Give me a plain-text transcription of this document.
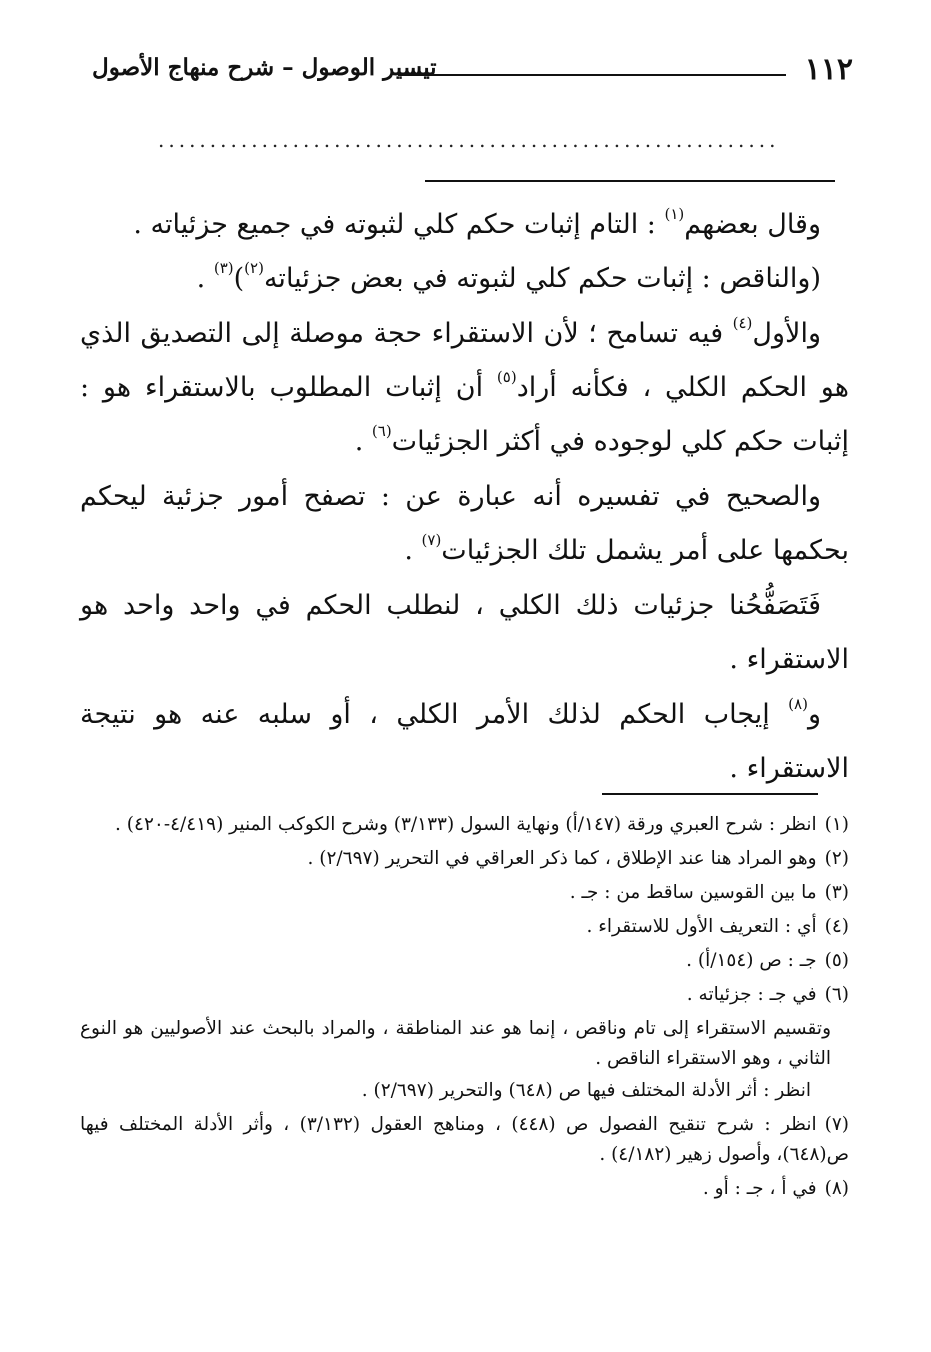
١١٢
تيسير الوصول – شرح منهاج الأصول
............................................................

وقال بعضهم$^{(١)}$ : التام إثبات حكم كلي لثبوته في جميع جزئياته .

(والناقص : إثبات حكم كلي لثبوته في بعض جزئياته$^{(٢)}$)$^{(٣)}$ .

والأول$^{(٤)}$ فيه تسامح ؛ لأن الاستقراء حجة موصلة إلى التصديق الذي هو الحكم الكلي ، فكأنه أراد$^{(٥)}$ أن إثبات المطلوب بالاستقراء هو : إثبات حكم كلي لوجوده في أكثر الجزئيات$^{(٦)}$ .

والصحيح في تفسيره أنه عبارة عن : تصفح أمور جزئية ليحكم بحكمها على أمر يشمل تلك الجزئيات$^{(٧)}$ .

فَتَصَفُّحُنا جزئيات ذلك الكلي ، لنطلب الحكم في واحد واحد هو الاستقراء .

و$^{(٨)}$ إيجاب الحكم لذلك الأمر الكلي ، أو سلبه عنه هو نتيجة الاستقراء .

(١)انظر : شرح العبري ورقة (١٤٧/أ) ونهاية السول (٣/١٣٣) وشرح الكوكب المنير (٤/٤١٩-٤٢٠) .
(٢)وهو المراد هنا عند الإطلاق ، كما ذكر العراقي في التحرير (٢/٦٩٧) .
(٣)ما بين القوسين ساقط من : جـ .
(٤)أي : التعريف الأول للاستقراء .
(٥)جـ : ص (١٥٤/أ) .
(٦)في جـ : جزئياته .
وتقسيم الاستقراء إلى تام وناقص ، إنما هو عند المناطقة ، والمراد بالبحث عند الأصوليين هو النوع الثاني ، وهو الاستقراء الناقص .
انظر : أثر الأدلة المختلف فيها ص (٦٤٨) والتحرير (٢/٦٩٧) .
(٧)انظر : شرح تنقيح الفصول ص (٤٤٨) ، ومناهج العقول (٣/١٣٢) ، وأثر الأدلة المختلف فيها ص(٦٤٨)، وأصول زهير (٤/١٨٢) .
(٨)في أ ، جـ : أو .
